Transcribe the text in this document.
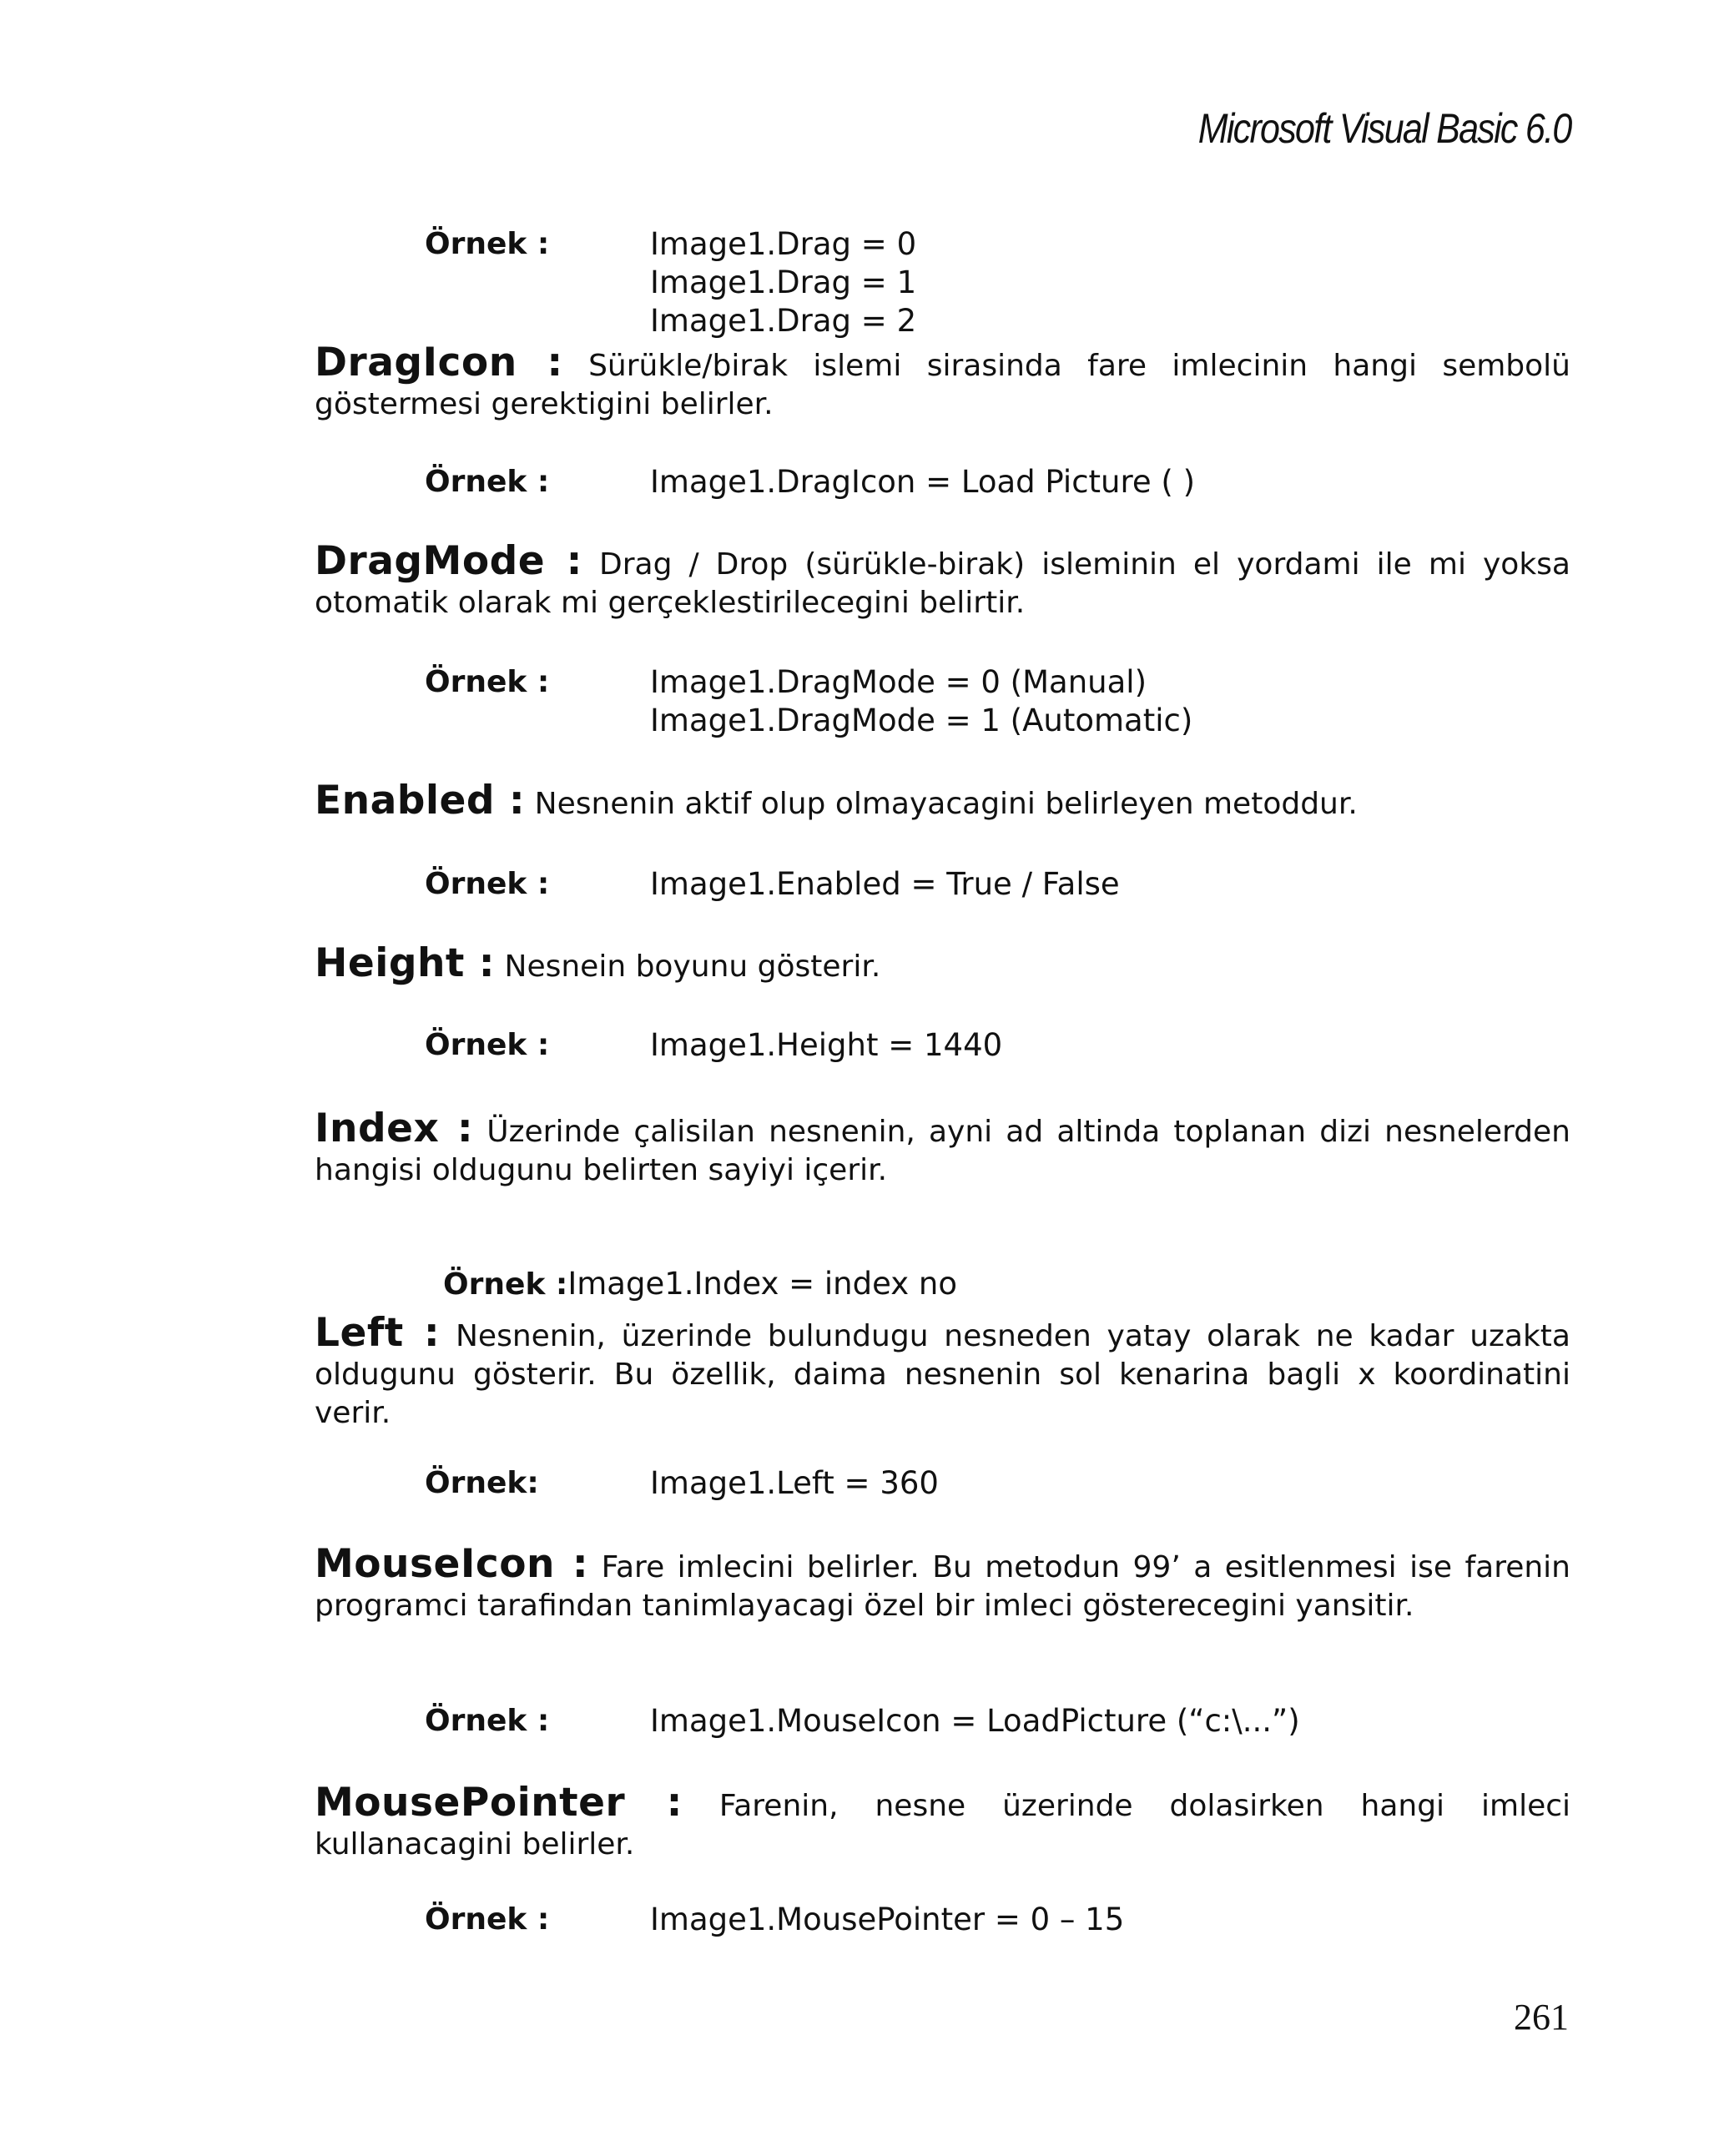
Microsoft Visual Basic 6.0
Örnek :	Image1.Drag = 0
Image1.Drag = 1
Image1.Drag = 2
DragIcon : Sürükle/birak islemi sirasinda fare imlecinin hangi sembolü göstermesi gerektigini belirler.
Örnek :	Image1.DragIcon = Load Picture ( )
DragMode : Drag / Drop (sürükle-birak) isleminin el yordami ile mi yoksa otomatik olarak mi gerçeklestirilecegini belirtir.
Örnek :	Image1.DragMode = 0 (Manual)
Image1.DragMode = 1 (Automatic)
Enabled : Nesnenin aktif olup olmayacagini belirleyen metoddur.
Örnek :	Image1.Enabled = True / False
Height : Nesnein boyunu gösterir.
Örnek :	Image1.Height = 1440
Index : Üzerinde çalisilan nesnenin, ayni ad altinda toplanan dizi nesnelerden hangisi oldugunu belirten sayiyi içerir.

Örnek :Image1.Index = index no

Left : Nesnenin, üzerinde bulundugu nesneden yatay olarak ne kadar uzakta oldugunu gösterir. Bu özellik, daima nesnenin sol kenarina bagli x koordinatini verir.
Örnek:	Image1.Left = 360
MouseIcon : Fare imlecini belirler. Bu metodun 99’ a esitlenmesi ise farenin programci tarafindan tanimlayacagi özel bir imleci gösterecegini yansitir.
Örnek :	Image1.MouseIcon = LoadPicture (“c:\...”)
MousePointer : Farenin, nesne üzerinde dolasirken hangi imleci kullanacagini belirler.
Örnek :	Image1.MousePointer = 0 – 15
261
